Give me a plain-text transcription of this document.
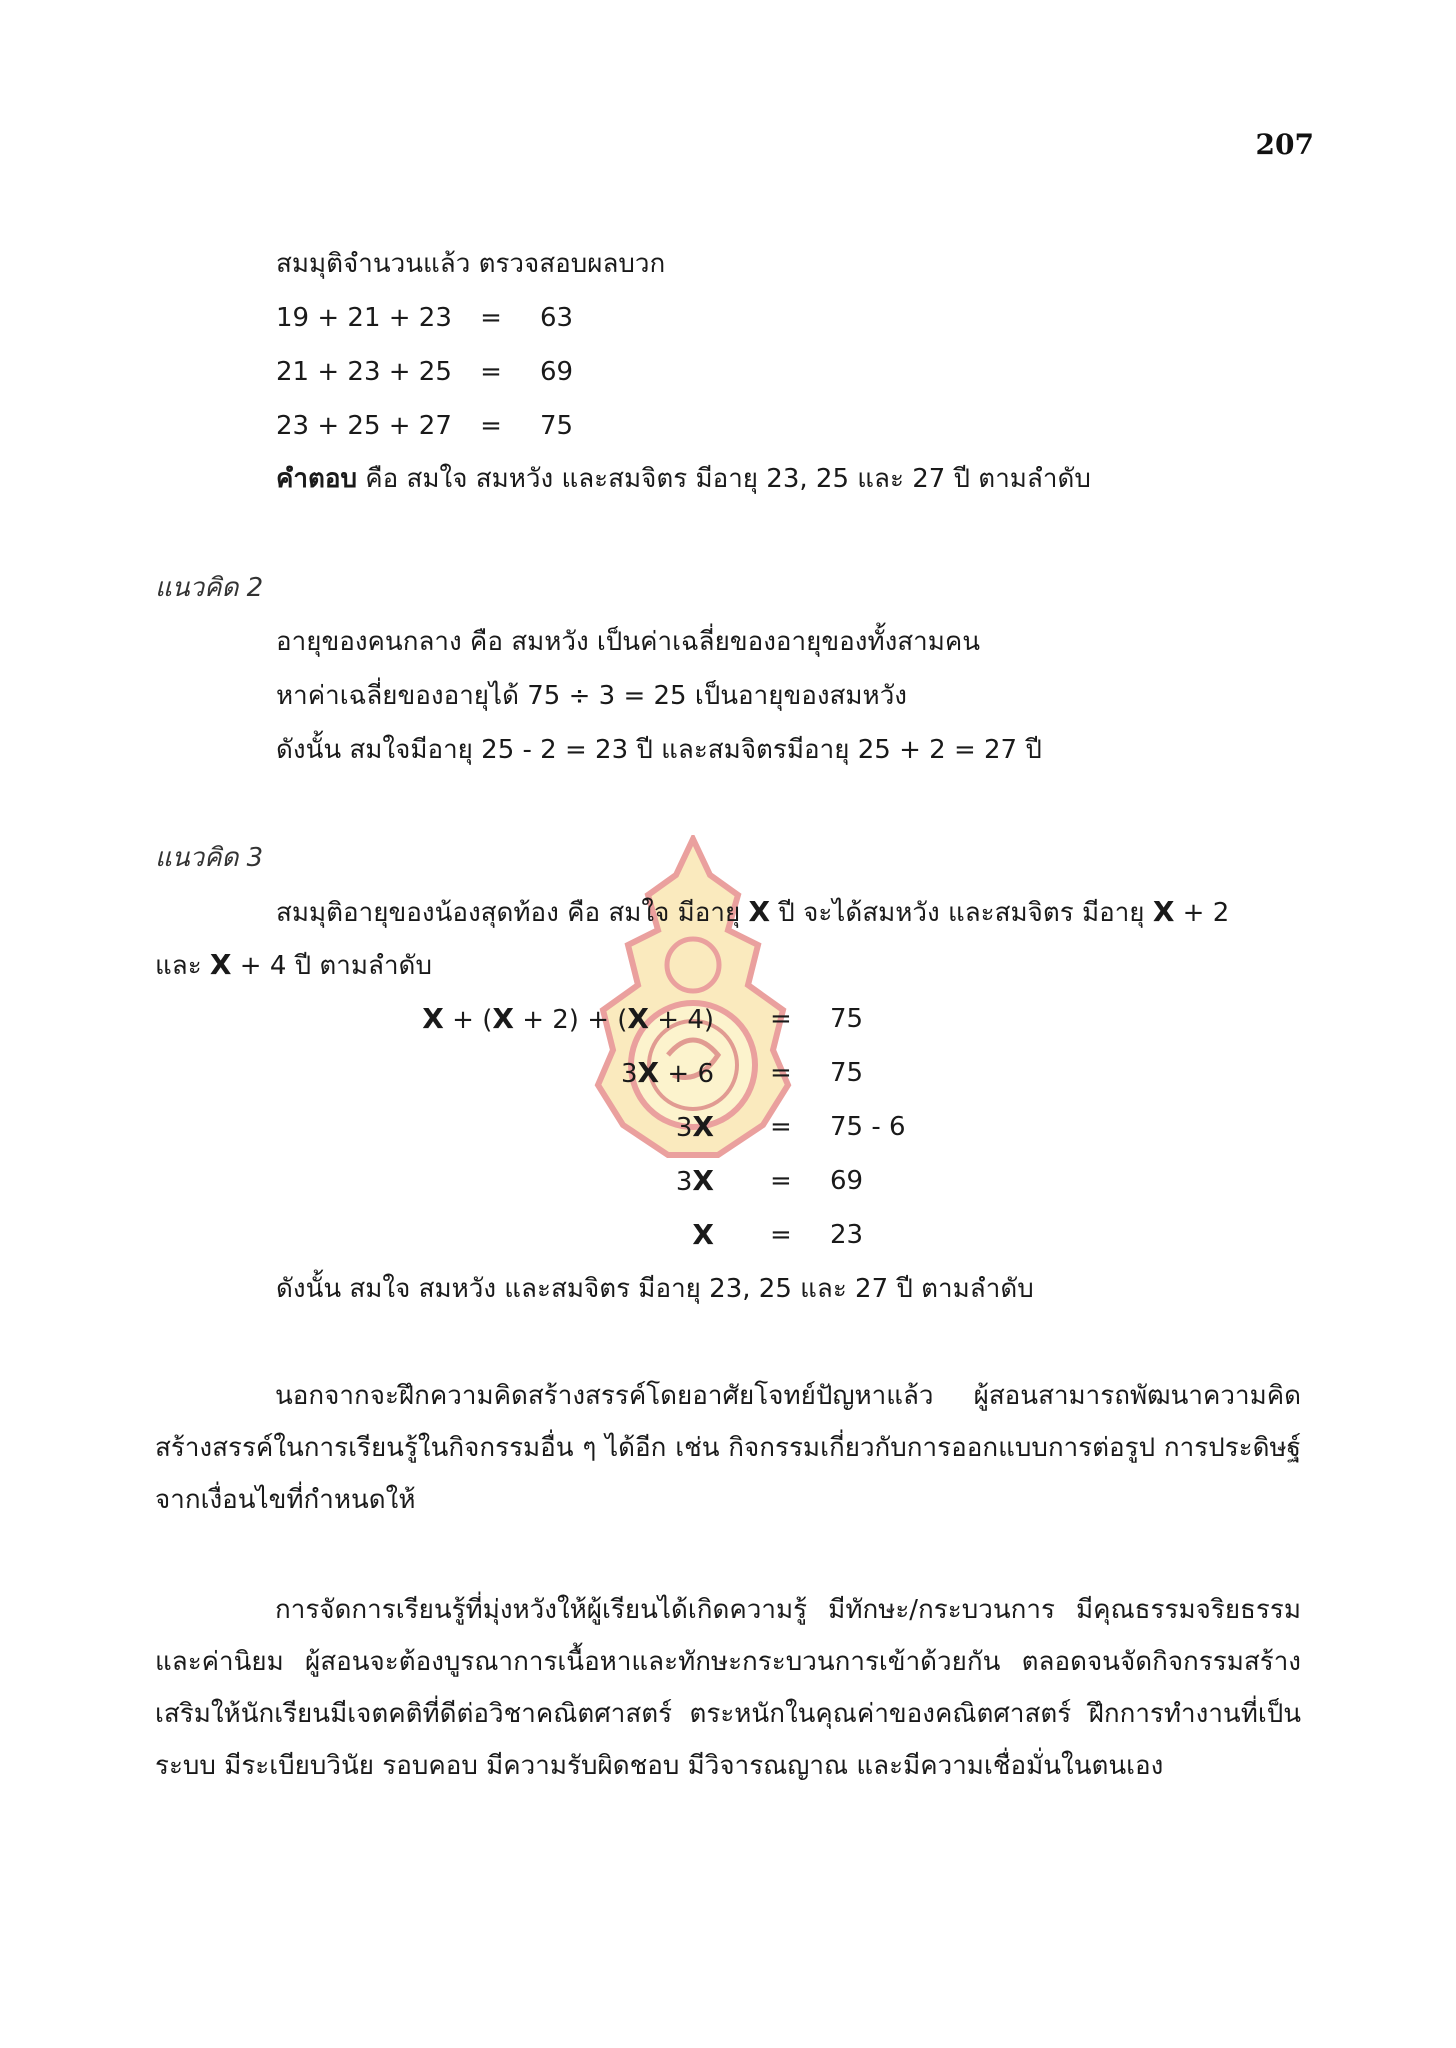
207
สมมุติจำนวนแล้ว ตรวจสอบผลบวก
19 + 21 + 23 = 63
21 + 23 + 25 = 69
23 + 25 + 27 = 75
คำตอบ คือ สมใจ สมหวัง และสมจิตร มีอายุ 23, 25 และ 27 ปี ตามลำดับ
แนวคิด 2
อายุของคนกลาง คือ สมหวัง เป็นค่าเฉลี่ยของอายุของทั้งสามคน
หาค่าเฉลี่ยของอายุได้ 75 ÷ 3 = 25 เป็นอายุของสมหวัง
ดังนั้น สมใจมีอายุ 25 - 2 = 23 ปี และสมจิตรมีอายุ 25 + 2 = 27 ปี
แนวคิด 3
สมมุติอายุของน้องสุดท้อง คือ สมใจ มีอายุ X ปี จะได้สมหวัง และสมจิตร มีอายุ X + 2
และ X + 4 ปี ตามลำดับ
X + (X + 2) + (X + 4) = 75
3X + 6 = 75
3X = 75 - 6
3X = 69
X = 23
ดังนั้น สมใจ สมหวัง และสมจิตร มีอายุ 23, 25 และ 27 ปี ตามลำดับ
นอกจากจะฝึกความคิดสร้างสรรค์โดยอาศัยโจทย์ปัญหาแล้ว ผู้สอนสามารถพัฒนาความคิดสร้างสรรค์ในการเรียนรู้ในกิจกรรมอื่น ๆ ได้อีก เช่น กิจกรรมเกี่ยวกับการออกแบบการต่อรูป การประดิษฐ์จากเงื่อนไขที่กำหนดให้
การจัดการเรียนรู้ที่มุ่งหวังให้ผู้เรียนได้เกิดความรู้ มีทักษะ/กระบวนการ มีคุณธรรมจริยธรรม และค่านิยม ผู้สอนจะต้องบูรณาการเนื้อหาและทักษะกระบวนการเข้าด้วยกัน ตลอดจนจัดกิจกรรมสร้างเสริมให้นักเรียนมีเจตคติที่ดีต่อวิชาคณิตศาสตร์ ตระหนักในคุณค่าของคณิตศาสตร์ ฝึกการทำงานที่เป็นระบบ มีระเบียบวินัย รอบคอบ มีความรับผิดชอบ มีวิจารณญาณ และมีความเชื่อมั่นในตนเอง
